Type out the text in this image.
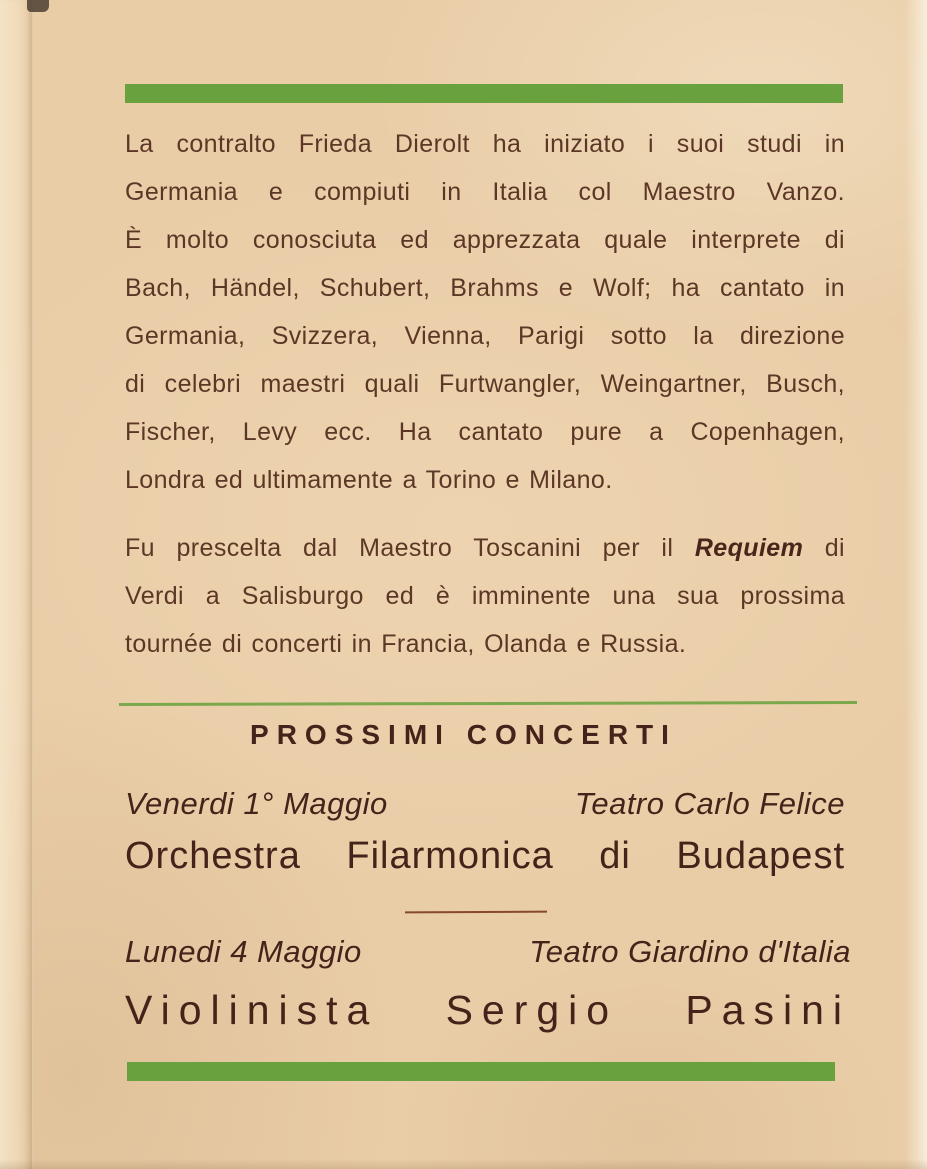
La contralto Frieda Dierolt ha iniziato i suoi studi in
Germania e compiuti in Italia col Maestro Vanzo.
È molto conosciuta ed apprezzata quale interprete di
Bach, Händel, Schubert, Brahms e Wolf; ha cantato in
Germania, Svizzera, Vienna, Parigi sotto la direzione
di celebri maestri quali Furtwangler, Weingartner, Busch,
Fischer, Levy ecc. Ha cantato pure a Copenhagen,
Londra ed ultimamente a Torino e Milano.
Fu prescelta dal Maestro Toscanini per il Requiem di
Verdi a Salisburgo ed è imminente una sua prossima
tournée di concerti in Francia, Olanda e Russia.
PROSSIMI CONCERTI
Venerdi 1° Maggio	Teatro Carlo Felice
Orchestra Filarmonica di Budapest
Lunedi 4 Maggio	Teatro Giardino d'Italia
Violinista Sergio Pasini
